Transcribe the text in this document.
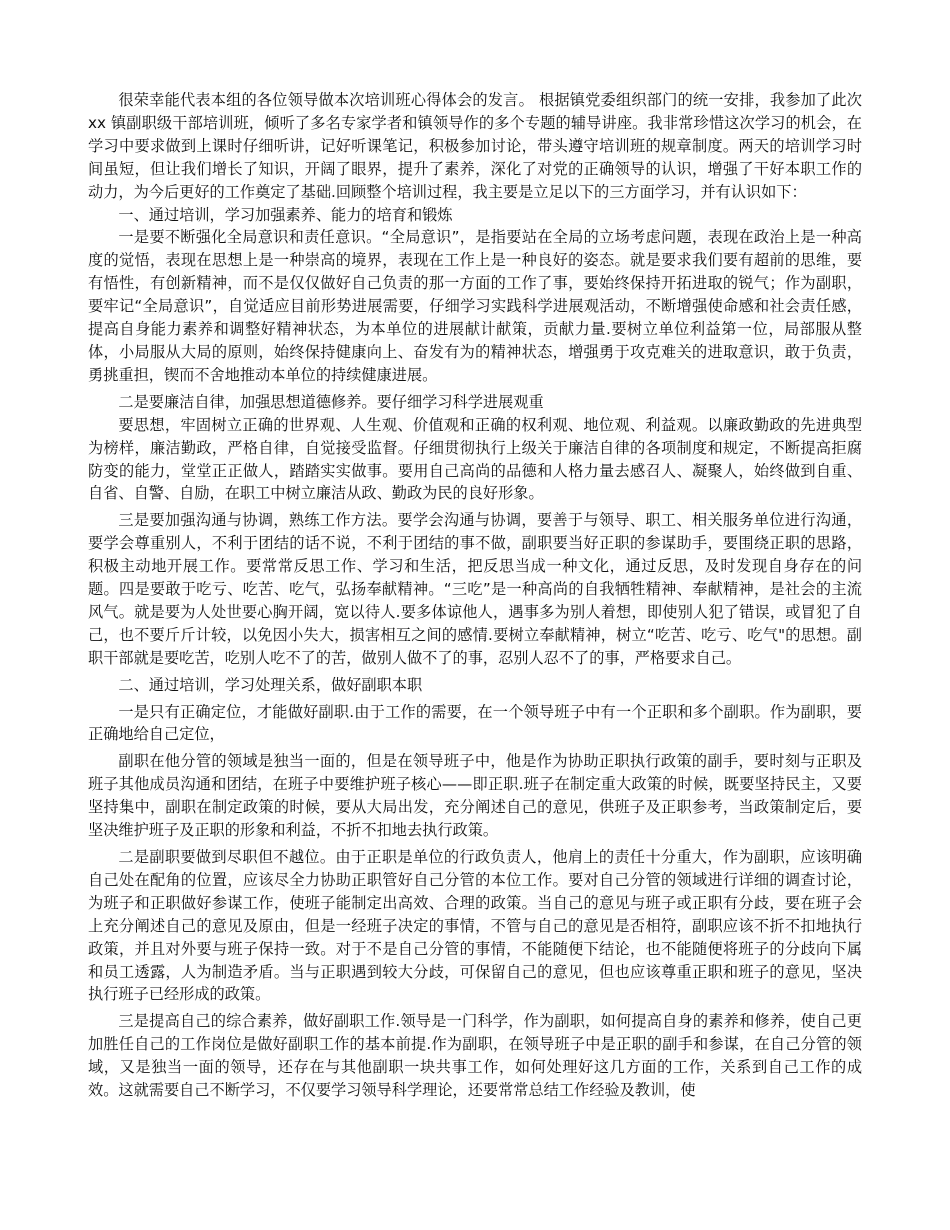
很荣幸能代表本组的各位领导做本次培训班心得体会的发言。 根据镇党委组织部门的统一安排，我参加了此次 xx 镇副职级干部培训班，倾听了多名专家学者和镇领导作的多个专题的辅导讲座。我非常珍惜这次学习的机会，在学习中要求做到上课时仔细听讲，记好听课笔记，积极参加讨论，带头遵守培训班的规章制度。两天的培训学习时间虽短，但让我们增长了知识，开阔了眼界，提升了素养，深化了对党的正确领导的认识，增强了干好本职工作的动力，为今后更好的工作奠定了基础.回顾整个培训过程，我主要是立足以下的三方面学习，并有认识如下：

一、通过培训，学习加强素养、能力的培育和锻炼

一是要不断强化全局意识和责任意识。“全局意识”，是指要站在全局的立场考虑问题，表现在政治上是一种高度的觉悟，表现在思想上是一种崇高的境界，表现在工作上是一种良好的姿态。就是要求我们要有超前的思维，要有悟性，有创新精神，而不是仅仅做好自己负责的那一方面的工作了事，要始终保持开拓进取的锐气；作为副职，要牢记“全局意识”，自觉适应目前形势进展需要，仔细学习实践科学进展观活动，不断增强使命感和社会责任感，提高自身能力素养和调整好精神状态，为本单位的进展献计献策，贡献力量.要树立单位利益第一位，局部服从整体，小局服从大局的原则，始终保持健康向上、奋发有为的精神状态，增强勇于攻克难关的进取意识，敢于负责，勇挑重担，锲而不舍地推动本单位的持续健康进展。

二是要廉洁自律，加强思想道德修养。要仔细学习科学进展观重

要思想，牢固树立正确的世界观、人生观、价值观和正确的权利观、地位观、利益观。以廉政勤政的先进典型为榜样，廉洁勤政，严格自律，自觉接受监督。仔细贯彻执行上级关于廉洁自律的各项制度和规定，不断提高拒腐防变的能力，堂堂正正做人，踏踏实实做事。要用自己高尚的品德和人格力量去感召人、凝聚人，始终做到自重、自省、自警、自励，在职工中树立廉洁从政、勤政为民的良好形象。

三是要加强沟通与协调，熟练工作方法。要学会沟通与协调，要善于与领导、职工、相关服务单位进行沟通，要学会尊重别人，不利于团结的话不说，不利于团结的事不做，副职要当好正职的参谋助手，要围绕正职的思路，积极主动地开展工作。要常常反思工作、学习和生活，把反思当成一种文化，通过反思，及时发现自身存在的问题。四是要敢于吃亏、吃苦、吃气，弘扬奉献精神。“三吃”是一种高尚的自我牺牲精神、奉献精神，是社会的主流风气。就是要为人处世要心胸开阔，宽以待人.要多体谅他人，遇事多为别人着想，即使别人犯了错误，或冒犯了自己，也不要斤斤计较，以免因小失大，损害相互之间的感情.要树立奉献精神，树立“吃苦、吃亏、吃气"的思想。副职干部就是要吃苦，吃别人吃不了的苦，做别人做不了的事，忍别人忍不了的事，严格要求自己。

二、通过培训，学习处理关系，做好副职本职

一是只有正确定位，才能做好副职.由于工作的需要，在一个领导班子中有一个正职和多个副职。作为副职，要正确地给自己定位，

副职在他分管的领域是独当一面的，但是在领导班子中，他是作为协助正职执行政策的副手，要时刻与正职及班子其他成员沟通和团结，在班子中要维护班子核心——即正职.班子在制定重大政策的时候，既要坚持民主，又要坚持集中，副职在制定政策的时候，要从大局出发，充分阐述自己的意见，供班子及正职参考，当政策制定后，要坚决维护班子及正职的形象和利益，不折不扣地去执行政策。

二是副职要做到尽职但不越位。由于正职是单位的行政负责人，他肩上的责任十分重大，作为副职，应该明确自己处在配角的位置，应该尽全力协助正职管好自己分管的本位工作。要对自己分管的领域进行详细的调查讨论，为班子和正职做好参谋工作，使班子能制定出高效、合理的政策。当自己的意见与班子或正职有分歧，要在班子会上充分阐述自己的意见及原由，但是一经班子决定的事情，不管与自己的意见是否相符，副职应该不折不扣地执行政策，并且对外要与班子保持一致。对于不是自己分管的事情，不能随便下结论，也不能随便将班子的分歧向下属和员工透露，人为制造矛盾。当与正职遇到较大分歧，可保留自己的意见，但也应该尊重正职和班子的意见，坚决执行班子已经形成的政策。

三是提高自己的综合素养，做好副职工作.领导是一门科学，作为副职，如何提高自身的素养和修养，使自己更加胜任自己的工作岗位是做好副职工作的基本前提.作为副职，在领导班子中是正职的副手和参谋，在自己分管的领域，又是独当一面的领导，还存在与其他副职一块共事工作，如何处理好这几方面的工作，关系到自己工作的成效。这就需要自己不断学习，不仅要学习领导科学理论，还要常常总结工作经验及教训，使
